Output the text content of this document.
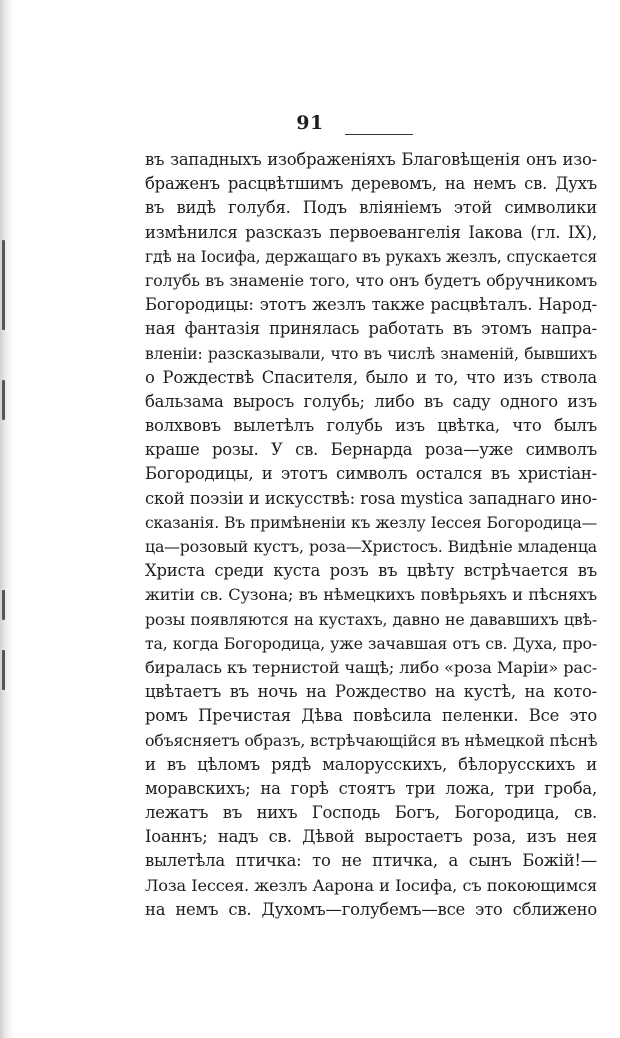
91
въ западныхъ изображеніяхъ Благовѣщенія онъ изо-
браженъ расцвѣтшимъ деревомъ, на немъ св. Духъ
въ видѣ голубя. Подъ вліяніемъ этой символики
измѣнился разсказъ первоевангелія Іакова (гл. IX),
гдѣ на Іосифа, держащаго въ рукахъ жезлъ, спускается
голубь въ знаменіе того, что онъ будетъ обручникомъ
Богородицы: этотъ жезлъ также расцвѣталъ. Народ-
ная фантазія принялась работать въ этомъ напра-
вленіи: разсказывали, что въ числѣ знаменій, бывшихъ
о Рождествѣ Спасителя, было и то, что изъ ствола
бальзама выросъ голубь; либо въ саду одного изъ
волхвовъ вылетѣлъ голубь изъ цвѣтка, что былъ
краше розы. У св. Бернарда роза—уже символъ
Богородицы, и этотъ символъ остался въ христіан-
ской поэзіи и искусствѣ: rosa mystica западнаго ино-
сказанія. Въ примѣненіи къ жезлу Іессея Богородица—
ца—розовый кустъ, роза—Христосъ. Видѣніе младенца
Христа среди куста розъ въ цвѣту встрѣчается въ
житіи св. Сузона; въ нѣмецкихъ повѣрьяхъ и пѣсняхъ
розы появляются на кустахъ, давно не дававшихъ цвѣ-
та, когда Богородица, уже зачавшая отъ св. Духа, про-
биралась къ тернистой чащѣ; либо «роза Маріи» рас-
цвѣтаетъ въ ночь на Рождество на кустѣ, на кото-
ромъ Пречистая Дѣва повѣсила пеленки. Все это
объясняетъ образъ, встрѣчающійся въ нѣмецкой пѣснѣ
и въ цѣломъ рядѣ малорусскихъ, бѣлорусскихъ и
моравскихъ; на горѣ стоятъ три ложа, три гроба,
лежатъ въ нихъ Господь Богъ, Богородица, св.
Іоаннъ; надъ св. Дѣвой выростаетъ роза, изъ нея
вылетѣла птичка: то не птичка, а сынъ Божій!—
Лоза Іессея. жезлъ Аарона и Іосифа, съ покоющимся
на немъ св. Духомъ—голубемъ—все это сближено
